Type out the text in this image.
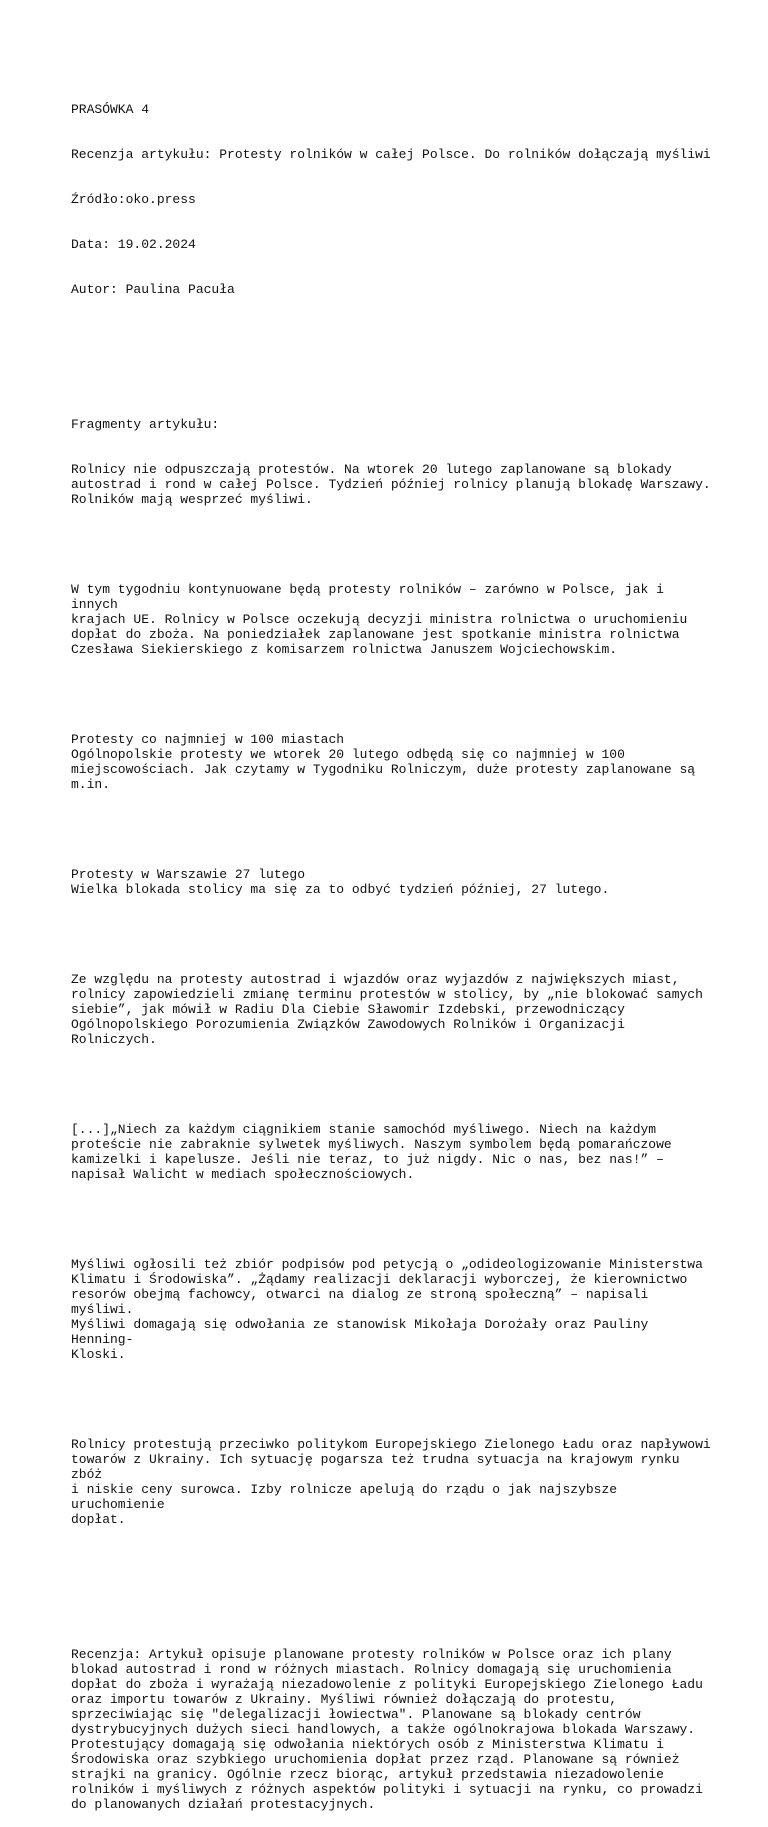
PRASÓWKA 4

Recenzja artykułu: Protesty rolników w całej Polsce. Do rolników dołączają myśliwi

Źródło:oko.press

Data: 19.02.2024

Autor: Paulina Pacuła

Fragmenty artykułu:

Rolnicy nie odpuszczają protestów. Na wtorek 20 lutego zaplanowane są blokady
autostrad i rond w całej Polsce. Tydzień później rolnicy planują blokadę Warszawy.
Rolników mają wesprzeć myśliwi.

W tym tygodniu kontynuowane będą protesty rolników – zarówno w Polsce, jak i innych
krajach UE. Rolnicy w Polsce oczekują decyzji ministra rolnictwa o uruchomieniu
dopłat do zboża. Na poniedziałek zaplanowane jest spotkanie ministra rolnictwa
Czesława Siekierskiego z komisarzem rolnictwa Januszem Wojciechowskim.

Protesty co najmniej w 100 miastach
Ogólnopolskie protesty we wtorek 20 lutego odbędą się co najmniej w 100
miejscowościach. Jak czytamy w Tygodniku Rolniczym, duże protesty zaplanowane są
m.in.

Protesty w Warszawie 27 lutego
Wielka blokada stolicy ma się za to odbyć tydzień później, 27 lutego.

Ze względu na protesty autostrad i wjazdów oraz wyjazdów z największych miast,
rolnicy zapowiedzieli zmianę terminu protestów w stolicy, by „nie blokować samych
siebie”, jak mówił w Radiu Dla Ciebie Sławomir Izdebski, przewodniczący
Ogólnopolskiego Porozumienia Związków Zawodowych Rolników i Organizacji Rolniczych.

[...]„Niech za każdym ciągnikiem stanie samochód myśliwego. Niech na każdym
proteście nie zabraknie sylwetek myśliwych. Naszym symbolem będą pomarańczowe
kamizelki i kapelusze. Jeśli nie teraz, to już nigdy. Nic o nas, bez nas!” –
napisał Walicht w mediach społecznościowych.

Myśliwi ogłosili też zbiór podpisów pod petycją o „odideologizowanie Ministerstwa
Klimatu i Środowiska”. „Żądamy realizacji deklaracji wyborczej, że kierownictwo
resorów obejmą fachowcy, otwarci na dialog ze stroną społeczną” – napisali myśliwi.
Myśliwi domagają się odwołania ze stanowisk Mikołaja Dorożały oraz Pauliny Henning-
Kloski.

Rolnicy protestują przeciwko politykom Europejskiego Zielonego Ładu oraz napływowi
towarów z Ukrainy. Ich sytuację pogarsza też trudna sytuacja na krajowym rynku zbóż
i niskie ceny surowca. Izby rolnicze apelują do rządu o jak najszybsze uruchomienie
dopłat.

Recenzja: Artykuł opisuje planowane protesty rolników w Polsce oraz ich plany
blokad autostrad i rond w różnych miastach. Rolnicy domagają się uruchomienia
dopłat do zboża i wyrażają niezadowolenie z polityki Europejskiego Zielonego Ładu
oraz importu towarów z Ukrainy. Myśliwi również dołączają do protestu,
sprzeciwiając się "delegalizacji łowiectwa". Planowane są blokady centrów
dystrybucyjnych dużych sieci handlowych, a także ogólnokrajowa blokada Warszawy.
Protestujący domagają się odwołania niektórych osób z Ministerstwa Klimatu i
Środowiska oraz szybkiego uruchomienia dopłat przez rząd. Planowane są również
strajki na granicy. Ogólnie rzecz biorąc, artykuł przedstawia niezadowolenie
rolników i myśliwych z różnych aspektów polityki i sytuacji na rynku, co prowadzi
do planowanych działań protestacyjnych.
